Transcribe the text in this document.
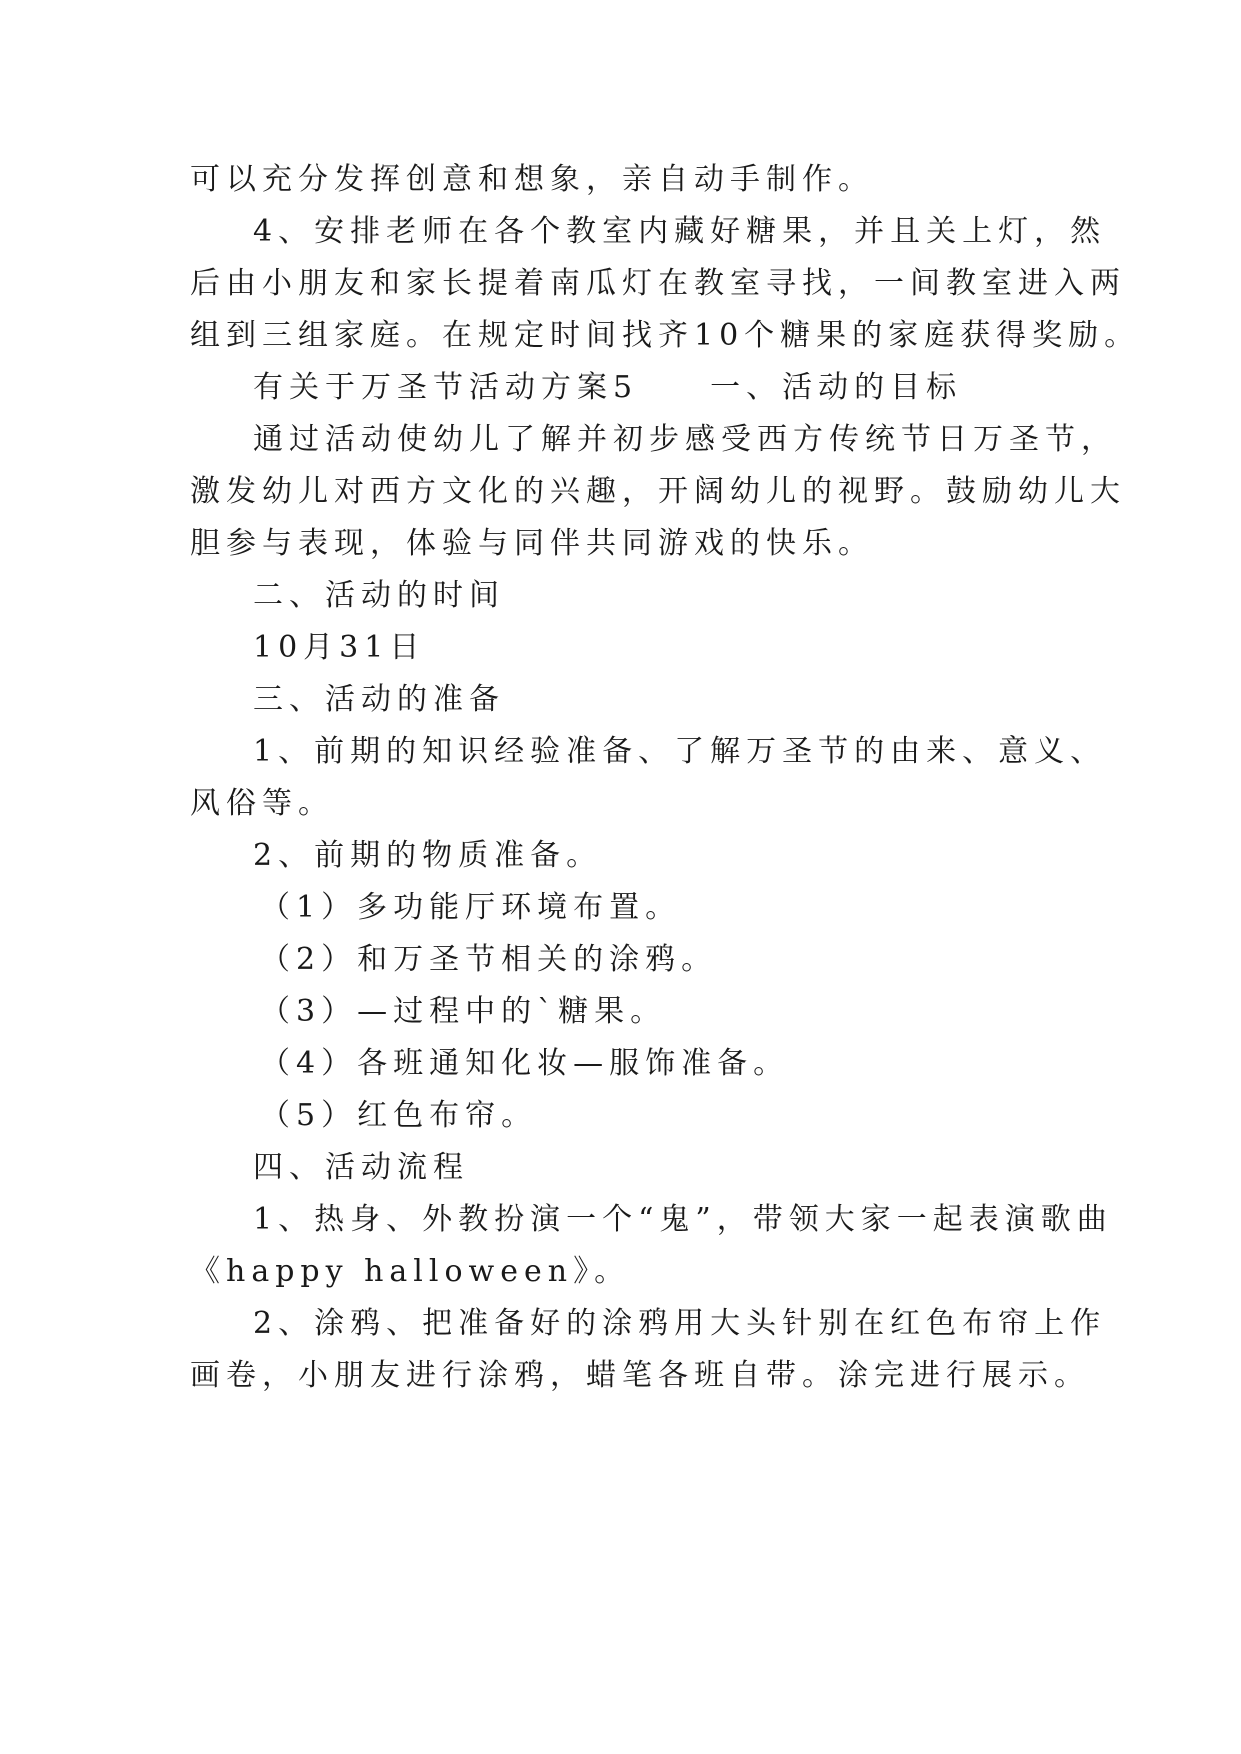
可以充分发挥创意和想象，亲自动手制作。
4、安排老师在各个教室内藏好糖果，并且关上灯，然
后由小朋友和家长提着南瓜灯在教室寻找，一间教室进入两
组到三组家庭。在规定时间找齐10个糖果的家庭获得奖励。
有关于万圣节活动方案5　　一、活动的目标
通过活动使幼儿了解并初步感受西方传统节日万圣节，
激发幼儿对西方文化的兴趣，开阔幼儿的视野。鼓励幼儿大
胆参与表现，体验与同伴共同游戏的快乐。
二、活动的时间
10月31日
三、活动的准备
1、前期的知识经验准备、了解万圣节的由来、意义、
风俗等。
2、前期的物质准备。
（1）多功能厅环境布置。
（2）和万圣节相关的涂鸦。
（3）—过程中的`糖果。
（4）各班通知化妆—服饰准备。
（5）红色布帘。
四、活动流程
1、热身、外教扮演一个“鬼”，带领大家一起表演歌曲
《happy halloween》。
2、涂鸦、把准备好的涂鸦用大头针别在红色布帘上作
画卷，小朋友进行涂鸦，蜡笔各班自带。涂完进行展示。
